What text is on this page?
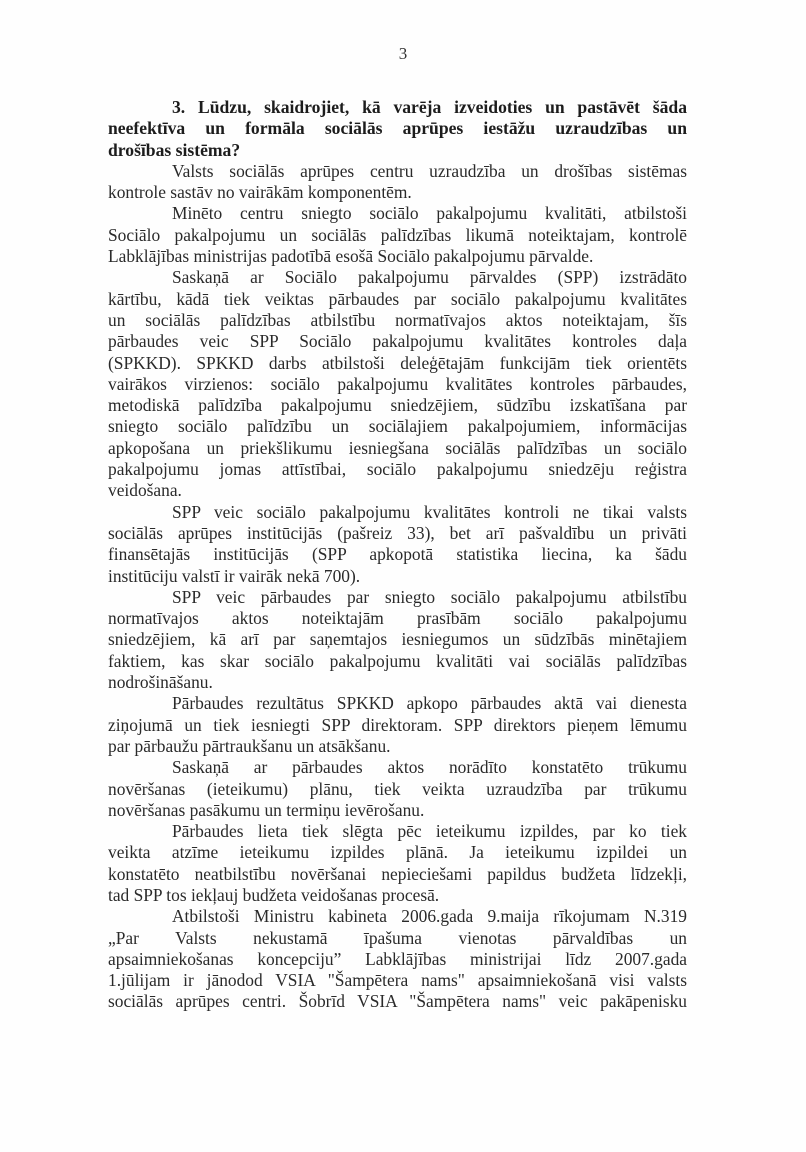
3
3. Lūdzu, skaidrojiet, kā varēja izveidoties un pastāvēt šāda
neefektīva un formāla sociālās aprūpes iestāžu uzraudzības un
drošības sistēma?
Valsts sociālās aprūpes centru uzraudzība un drošības sistēmas
kontrole sastāv no vairākām komponentēm.
Minēto centru sniegto sociālo pakalpojumu kvalitāti, atbilstoši
Sociālo pakalpojumu un sociālās palīdzības likumā noteiktajam, kontrolē
Labklājības ministrijas padotībā esošā Sociālo pakalpojumu pārvalde.
Saskaņā ar Sociālo pakalpojumu pārvaldes (SPP) izstrādāto
kārtību, kādā tiek veiktas pārbaudes par sociālo pakalpojumu kvalitātes
un sociālās palīdzības atbilstību normatīvajos aktos noteiktajam, šīs
pārbaudes veic SPP Sociālo pakalpojumu kvalitātes kontroles daļa
(SPKKD). SPKKD darbs atbilstoši deleģētajām funkcijām tiek orientēts
vairākos virzienos: sociālo pakalpojumu kvalitātes kontroles pārbaudes,
metodiskā palīdzība pakalpojumu sniedzējiem, sūdzību izskatīšana par
sniegto sociālo palīdzību un sociālajiem pakalpojumiem, informācijas
apkopošana un priekšlikumu iesniegšana sociālās palīdzības un sociālo
pakalpojumu jomas attīstībai, sociālo pakalpojumu sniedzēju reģistra
veidošana.
SPP veic sociālo pakalpojumu kvalitātes kontroli ne tikai valsts
sociālās aprūpes institūcijās (pašreiz 33), bet arī pašvaldību un privāti
finansētajās institūcijās (SPP apkopotā statistika liecina, ka šādu
institūciju valstī ir vairāk nekā 700).
SPP veic pārbaudes par sniegto sociālo pakalpojumu atbilstību
normatīvajos aktos noteiktajām prasībām sociālo pakalpojumu
sniedzējiem, kā arī par saņemtajos iesniegumos un sūdzībās minētajiem
faktiem, kas skar sociālo pakalpojumu kvalitāti vai sociālās palīdzības
nodrošināšanu.
Pārbaudes rezultātus SPKKD apkopo pārbaudes aktā vai dienesta
ziņojumā un tiek iesniegti SPP direktoram. SPP direktors pieņem lēmumu
par pārbaužu pārtraukšanu un atsākšanu.
Saskaņā ar pārbaudes aktos norādīto konstatēto trūkumu
novēršanas (ieteikumu) plānu, tiek veikta uzraudzība par trūkumu
novēršanas pasākumu un termiņu ievērošanu.
Pārbaudes lieta tiek slēgta pēc ieteikumu izpildes, par ko tiek
veikta atzīme ieteikumu izpildes plānā. Ja ieteikumu izpildei un
konstatēto neatbilstību novēršanai nepieciešami papildus budžeta līdzekļi,
tad SPP tos iekļauj budžeta veidošanas procesā.
Atbilstoši Ministru kabineta 2006.gada 9.maija rīkojumam N.319
„Par Valsts nekustamā īpašuma vienotas pārvaldības un
apsaimniekošanas koncepciju” Labklājības ministrijai līdz 2007.gada
1.jūlijam ir jānodod VSIA "Šampētera nams" apsaimniekošanā visi valsts
sociālās aprūpes centri. Šobrīd VSIA "Šampētera nams" veic pakāpenisku
